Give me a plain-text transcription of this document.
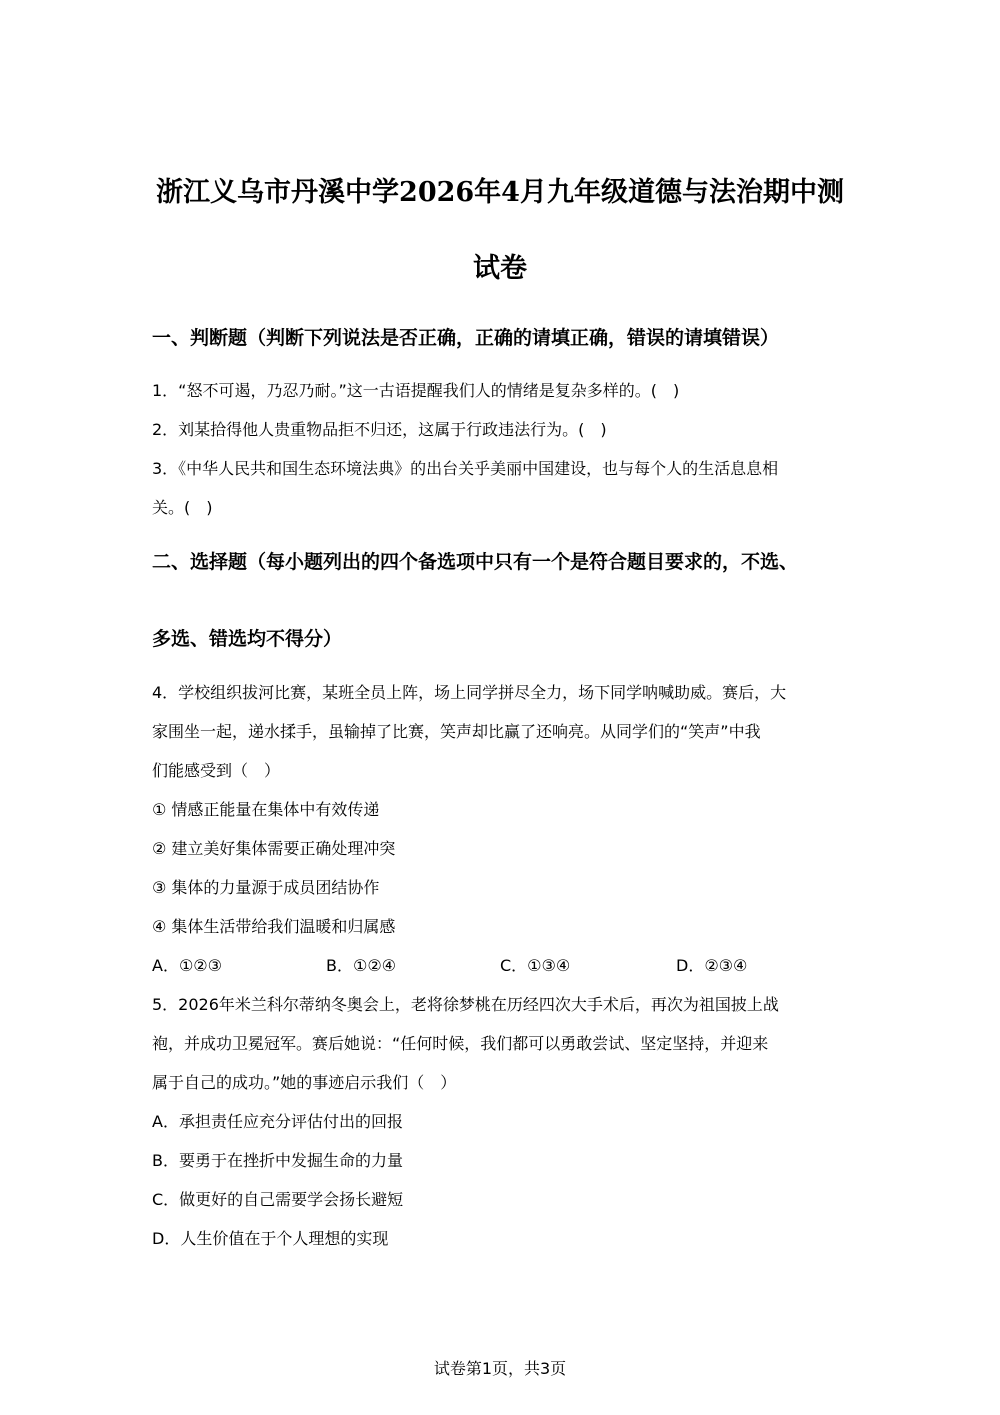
浙江义乌市丹溪中学2026年4月九年级道德与法治期中测
试卷
一、判断题（判断下列说法是否正确，正确的请填正确，错误的请填错误）
1．“怒不可遏，乃忍乃耐。”这一古语提醒我们人的情绪是复杂多样的。(　)
2．刘某拾得他人贵重物品拒不归还，这属于行政违法行为。(　)
3．《中华人民共和国生态环境法典》的出台关乎美丽中国建设，也与每个人的生活息息相
关。(　)
二、选择题（每小题列出的四个备选项中只有一个是符合题目要求的，不选、
多选、错选均不得分）
4．学校组织拔河比赛，某班全员上阵，场上同学拼尽全力，场下同学呐喊助威。赛后，大
家围坐一起，递水揉手，虽输掉了比赛，笑声却比赢了还响亮。从同学们的“笑声”中我
们能感受到（　）
① 情感正能量在集体中有效传递
② 建立美好集体需要正确处理冲突
③ 集体的力量源于成员团结协作
④ 集体生活带给我们温暖和归属感
A．①②③	B．①②④	C．①③④	D．②③④
5．2026年米兰科尔蒂纳冬奥会上，老将徐梦桃在历经四次大手术后，再次为祖国披上战
袍，并成功卫冕冠军。赛后她说：“任何时候，我们都可以勇敢尝试、坚定坚持，并迎来
属于自己的成功。”她的事迹启示我们（　）
A．承担责任应充分评估付出的回报
B．要勇于在挫折中发掘生命的力量
C．做更好的自己需要学会扬长避短
D．人生价值在于个人理想的实现
试卷第1页，共3页
